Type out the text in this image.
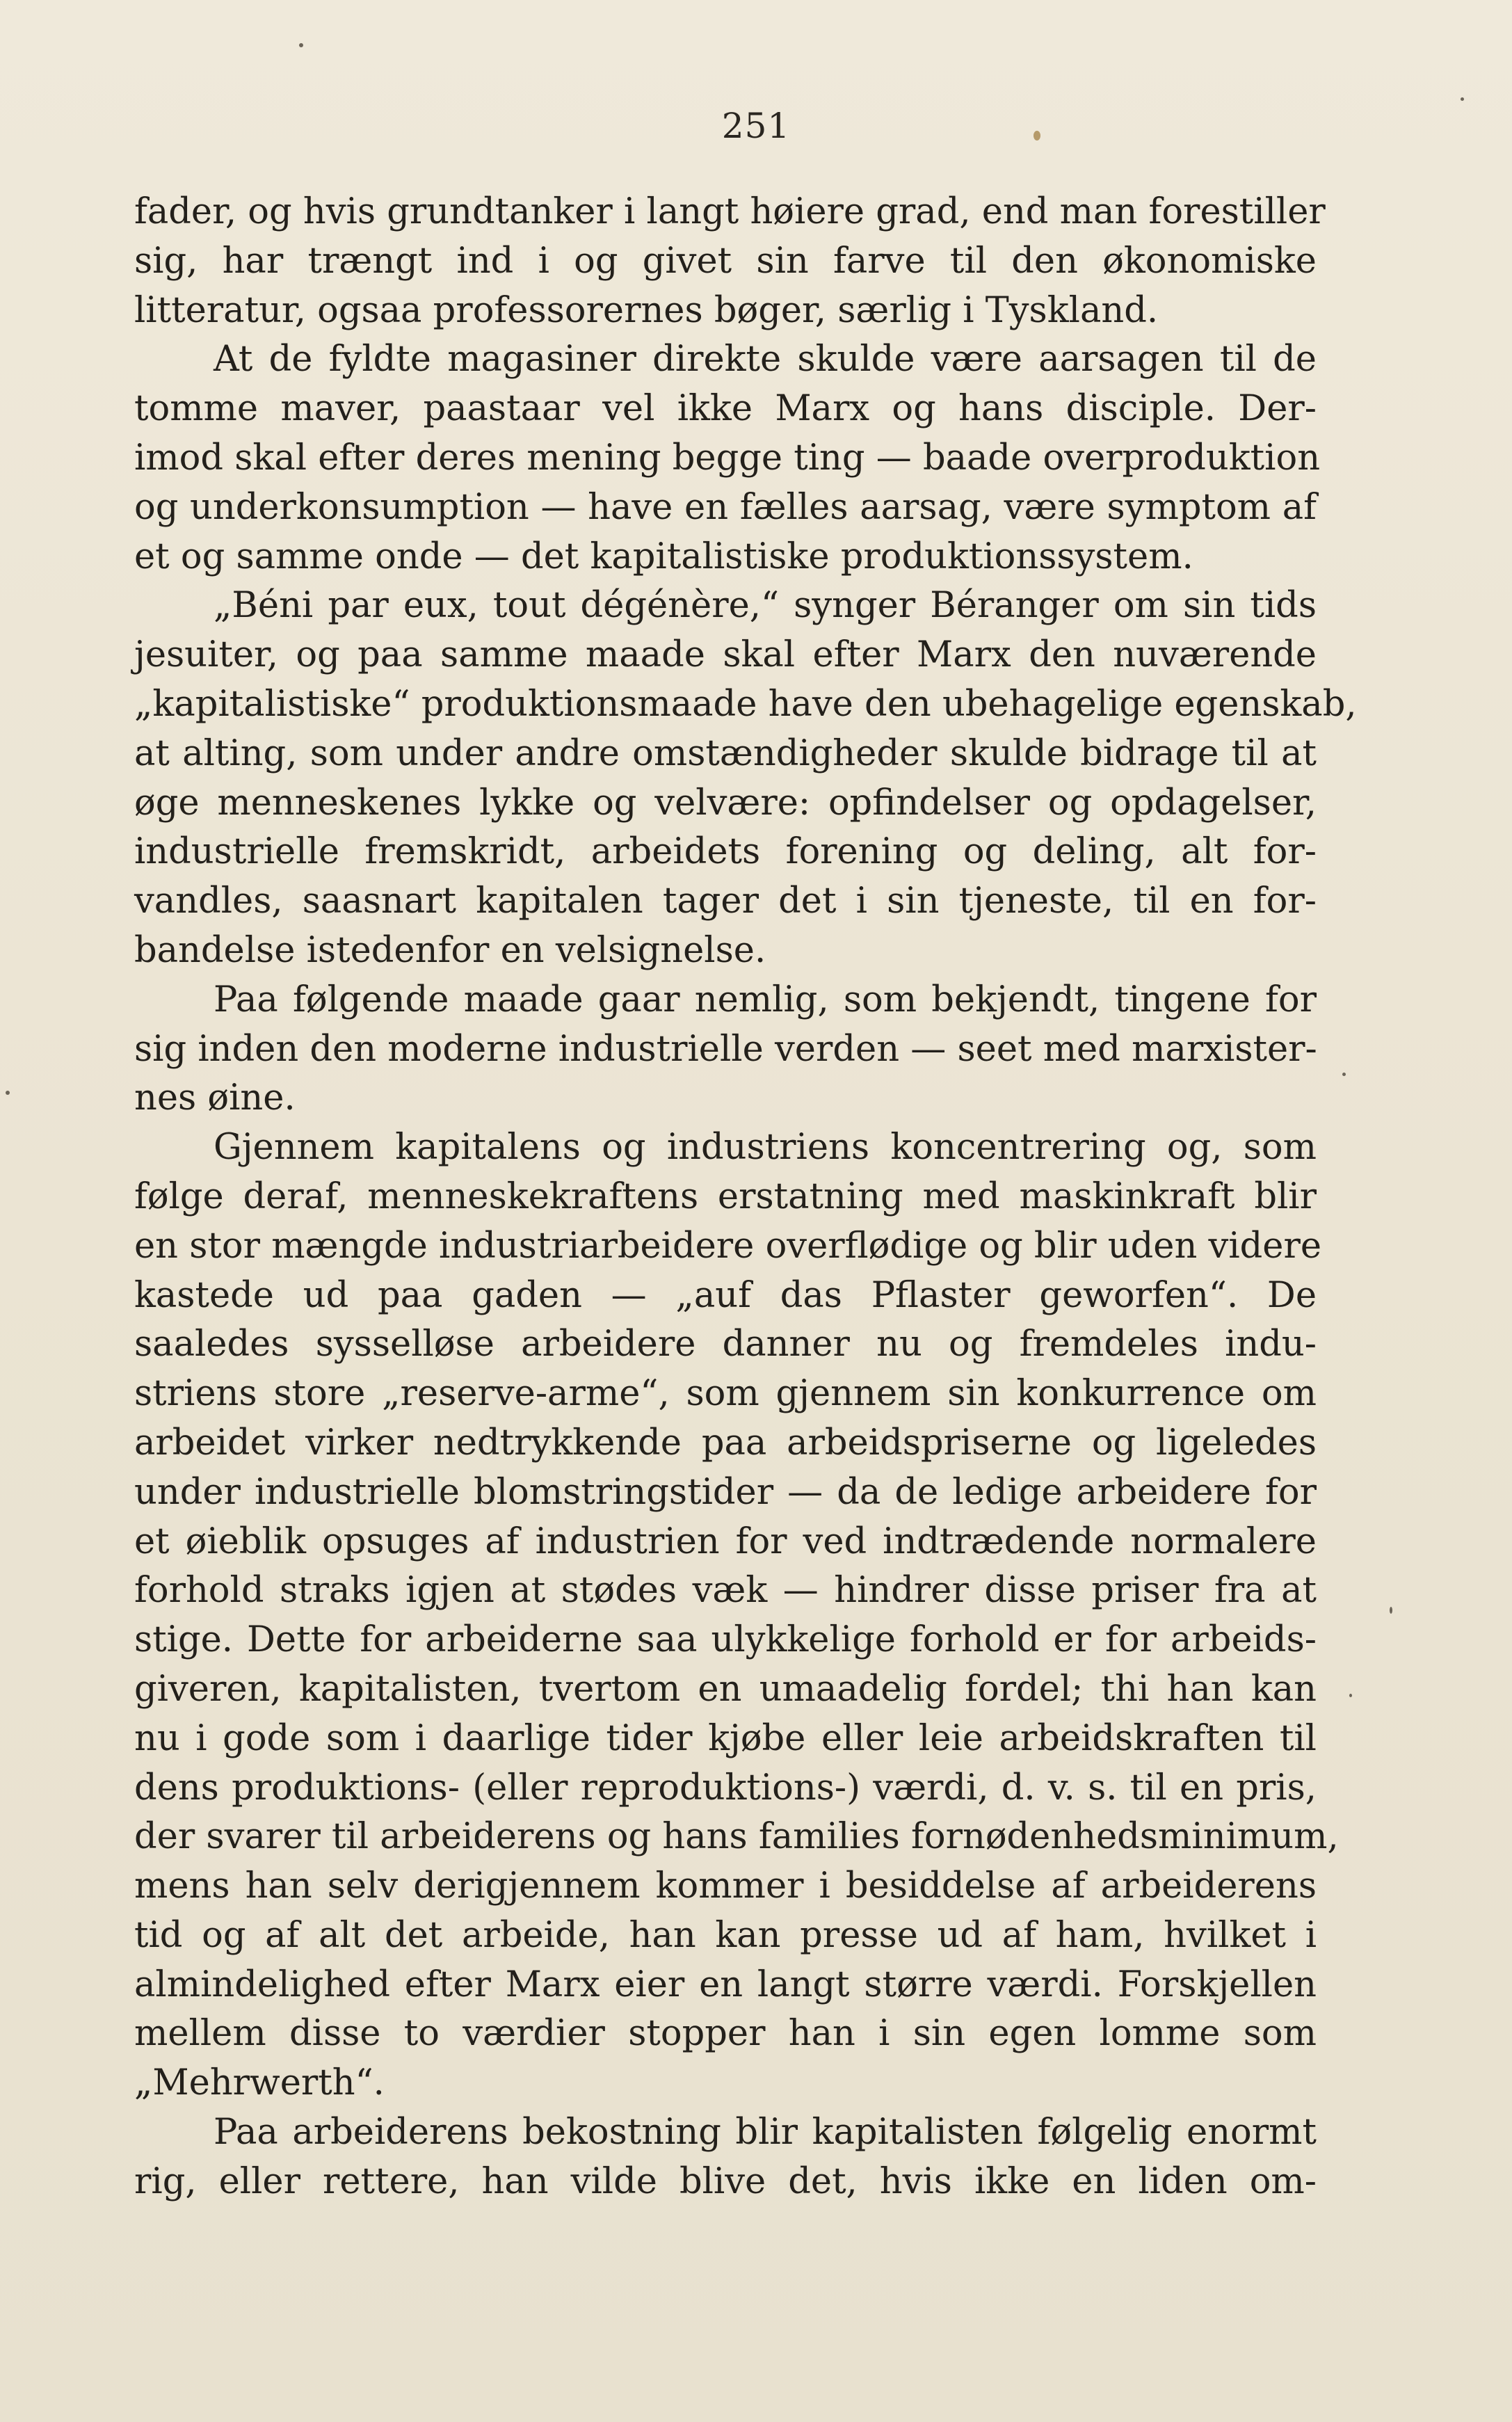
251
fader, og hvis grundtanker i langt høiere grad, end man forestiller
sig, har trængt ind i og givet sin farve til den økonomiske
litteratur, ogsaa professorernes bøger, særlig i Tyskland.
At de fyldte magasiner direkte skulde være aarsagen til de
tomme maver, paastaar vel ikke Marx og hans disciple. Der-
imod skal efter deres mening begge ting — baade overproduktion
og underkonsumption — have en fælles aarsag, være symptom af
et og samme onde — det kapitalistiske produktionssystem.
„Béni par eux, tout dégénère,“ synger Béranger om sin tids
jesuiter, og paa samme maade skal efter Marx den nuværende
„kapitalistiske“ produktionsmaade have den ubehagelige egenskab,
at alting, som under andre omstændigheder skulde bidrage til at
øge menneskenes lykke og velvære: opfindelser og opdagelser,
industrielle fremskridt, arbeidets forening og deling, alt for-
vandles, saasnart kapitalen tager det i sin tjeneste, til en for-
bandelse istedenfor en velsignelse.
Paa følgende maade gaar nemlig, som bekjendt, tingene for
sig inden den moderne industrielle verden — seet med marxister-
nes øine.
Gjennem kapitalens og industriens koncentrering og, som
følge deraf, menneskekraftens erstatning med maskinkraft blir
en stor mængde industriarbeidere overflødige og blir uden videre
kastede ud paa gaden — „auf das Pflaster geworfen“. De
saaledes sysselløse arbeidere danner nu og fremdeles indu-
striens store „reserve-arme“, som gjennem sin konkurrence om
arbeidet virker nedtrykkende paa arbeidspriserne og ligeledes
under industrielle blomstringstider — da de ledige arbeidere for
et øieblik opsuges af industrien for ved indtrædende normalere
forhold straks igjen at stødes væk — hindrer disse priser fra at
stige. Dette for arbeiderne saa ulykkelige forhold er for arbeids-
giveren, kapitalisten, tvertom en umaadelig fordel; thi han kan
nu i gode som i daarlige tider kjøbe eller leie arbeidskraften til
dens produktions- (eller reproduktions-) værdi, d. v. s. til en pris,
der svarer til arbeiderens og hans families fornødenhedsminimum,
mens han selv derigjennem kommer i besiddelse af arbeiderens
tid og af alt det arbeide, han kan presse ud af ham, hvilket i
almindelighed efter Marx eier en langt større værdi. Forskjellen
mellem disse to værdier stopper han i sin egen lomme som
„Mehrwerth“.
Paa arbeiderens bekostning blir kapitalisten følgelig enormt
rig, eller rettere, han vilde blive det, hvis ikke en liden om-
